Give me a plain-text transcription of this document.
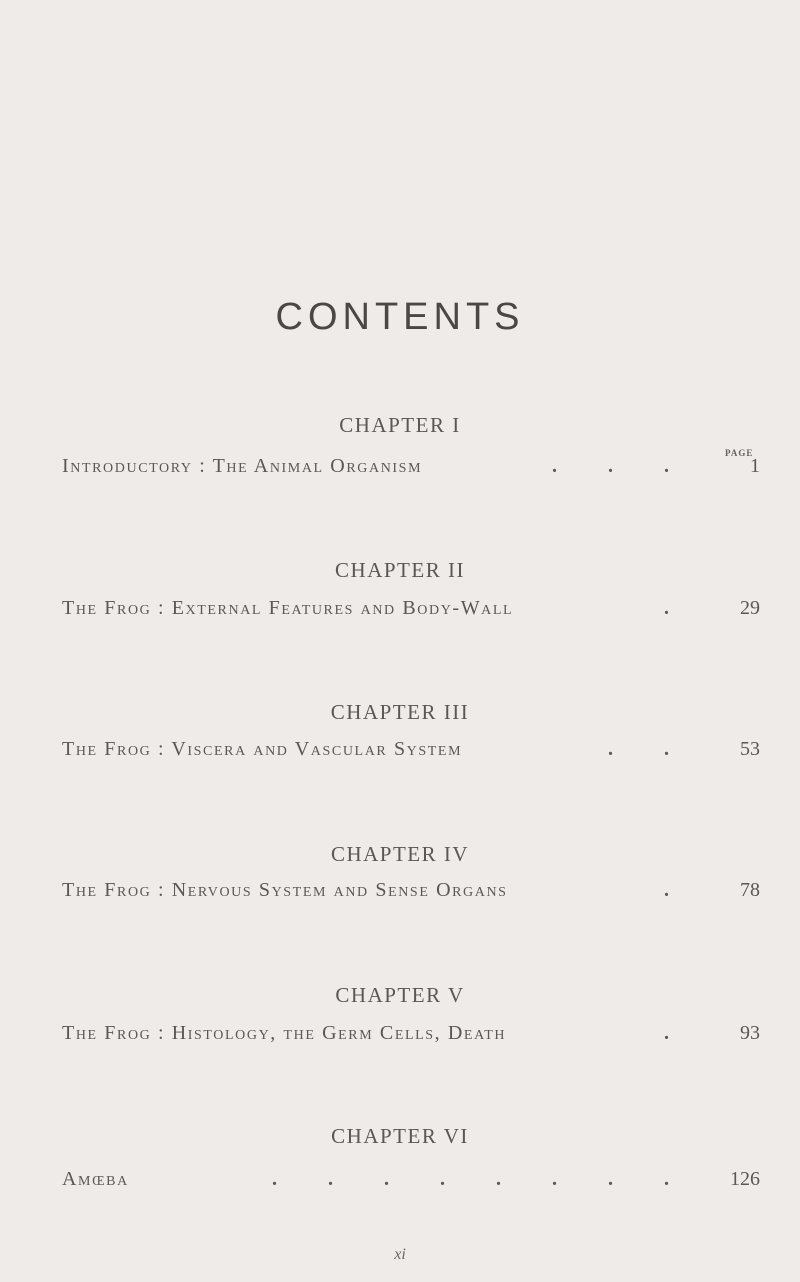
CONTENTS
PAGE
CHAPTER I
Introductory : The Animal Organism	. . .	1
CHAPTER II
The Frog : External Features and Body-Wall	.	29
CHAPTER III
The Frog : Viscera and Vascular System	. .	53
CHAPTER IV
The Frog : Nervous System and Sense Organs	.	78
CHAPTER V
The Frog : Histology, the Germ Cells, Death	.	93
CHAPTER VI
Amœba	. . . . . . . .	126
xi
